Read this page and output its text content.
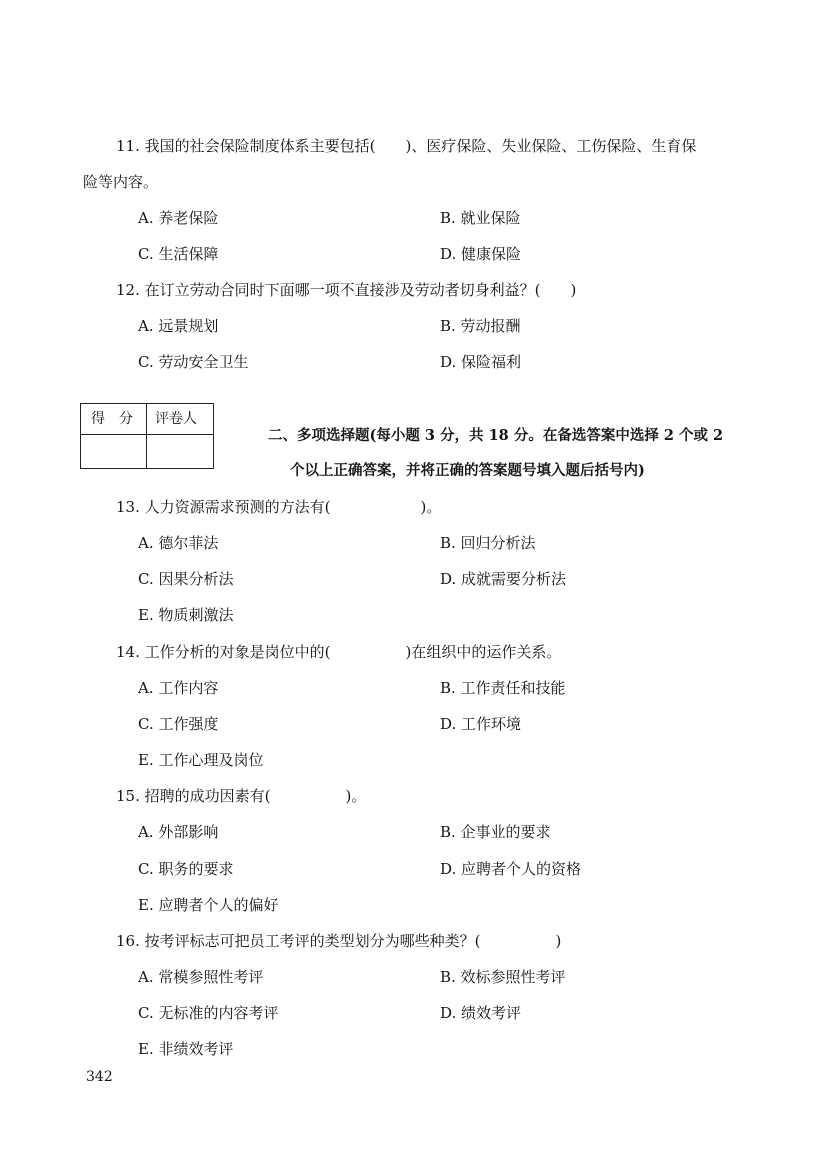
11. 我国的社会保险制度体系主要包括(　　)、医疗保险、失业保险、工伤保险、生育保
险等内容。
A. 养老保险	B. 就业保险
C. 生活保障	D. 健康保险
12. 在订立劳动合同时下面哪一项不直接涉及劳动者切身利益？(　　)
A. 远景规划	B. 劳动报酬
C. 劳动安全卫生	D. 保险福利
得　分 评卷人
二、多项选择题(每小题 3 分，共 18 分。在备选答案中选择 2 个或 2
个以上正确答案，并将正确的答案题号填入题后括号内)
13. 人力资源需求预测的方法有(　　　　　　)。
A. 德尔菲法	B. 回归分析法
C. 因果分析法	D. 成就需要分析法
E. 物质刺激法
14. 工作分析的对象是岗位中的(　　　　　)在组织中的运作关系。
A. 工作内容	B. 工作责任和技能
C. 工作强度	D. 工作环境
E. 工作心理及岗位
15. 招聘的成功因素有(　　　　　)。
A. 外部影响	B. 企事业的要求
C. 职务的要求	D. 应聘者个人的资格
E. 应聘者个人的偏好
16. 按考评标志可把员工考评的类型划分为哪些种类？(　　　　　)
A. 常模参照性考评	B. 效标参照性考评
C. 无标准的内容考评	D. 绩效考评
E. 非绩效考评
342
